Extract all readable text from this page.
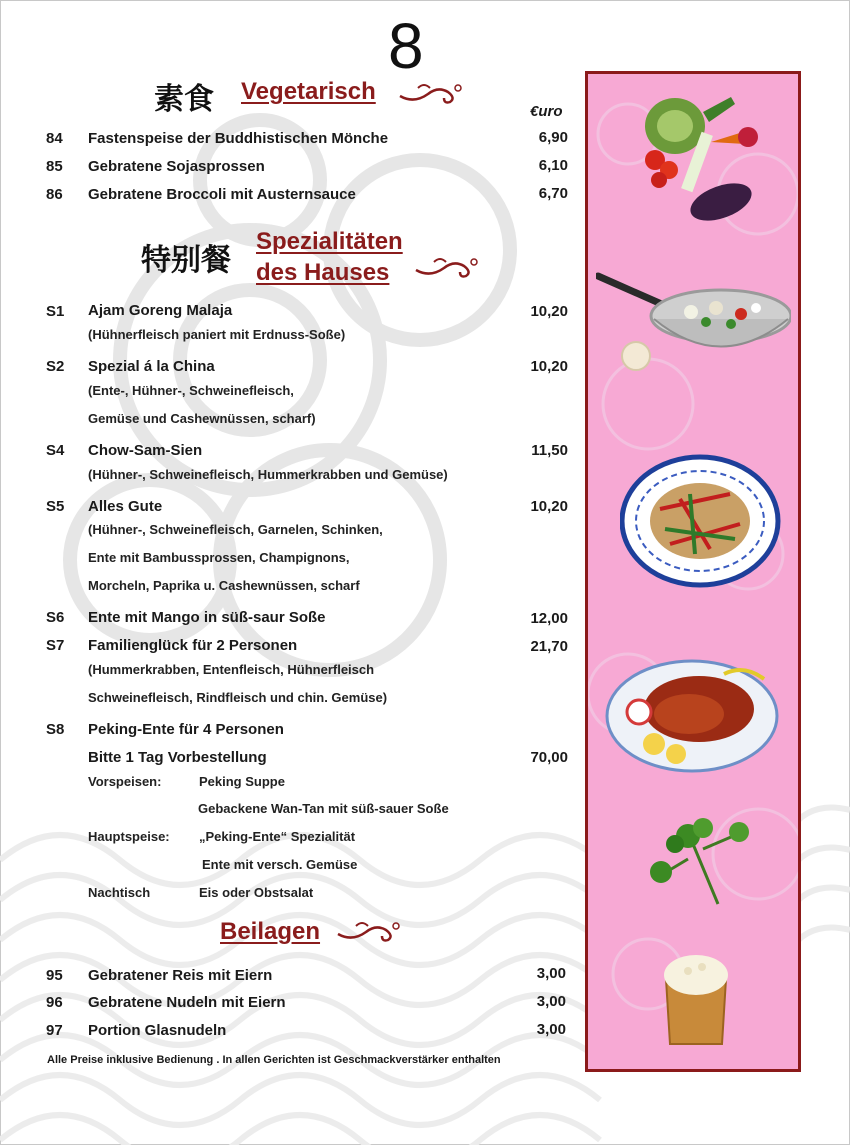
8
素食 Vegetarisch
€uro
84 Fastenspeise der Buddhistischen Mönche	6,90
85 Gebratene Sojasprossen	6,10
86 Gebratene Broccoli mit Austernsauce	6,70
特别餐
Spezialitäten
des Hauses
S1 Ajam Goreng Malaja	10,20
(Hühnerfleisch paniert mit Erdnuss-Soße)
S2 Spezial á la China	10,20
(Ente-, Hühner-, Schweinefleisch,
Gemüse und Cashewnüssen, scharf)
S4 Chow-Sam-Sien	11,50
(Hühner-, Schweinefleisch, Hummerkrabben und Gemüse)
S5 Alles Gute	10,20
(Hühner-, Schweinefleisch, Garnelen, Schinken,
Ente mit Bambussprossen, Champignons,
Morcheln, Paprika u. Cashewnüssen, scharf
S6 Ente mit Mango in süß-saur Soße	12,00
S7 Familienglück für 2 Personen	21,70
(Hummerkrabben, Entenfleisch, Hühnerfleisch
Schweinefleisch, Rindfleisch und chin. Gemüse)
S8 Peking-Ente für 4 Personen
Bitte 1 Tag Vorbestellung	70,00
Vorspeisen:	Peking Suppe
Gebackene Wan-Tan mit süß-sauer Soße
Hauptspeise: „Peking-Ente“ Spezialität
Ente mit versch. Gemüse
Nachtisch	Eis oder Obstsalat
Beilagen
95 Gebratener Reis mit Eiern	3,00
96 Gebratene Nudeln mit Eiern	3,00
97 Portion Glasnudeln	3,00
Alle Preise inklusive Bedienung . In allen Gerichten ist Geschmackverstärker enthalten
